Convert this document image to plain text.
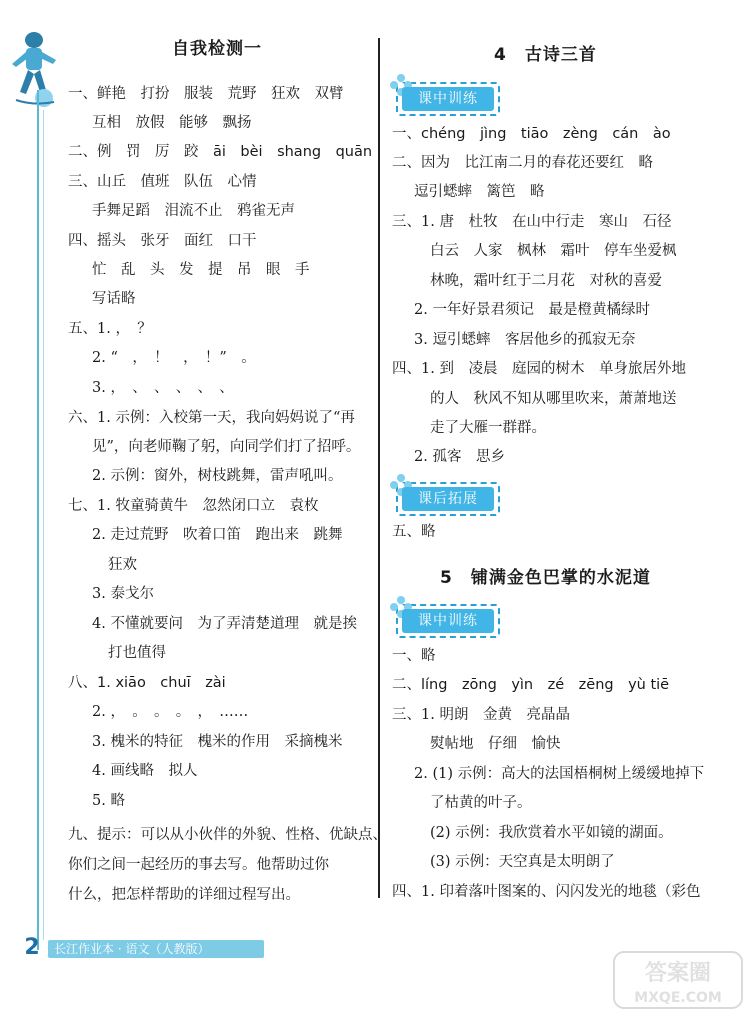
自我检测一
一、鲜艳　打扮　服装　荒野　狂欢　双臂
互相　放假　能够　飘扬
二、例　罚　厉　跤　āi　bèi　shang　quān
三、山丘　值班　队伍　心情
手舞足蹈　泪流不止　鸦雀无声
四、摇头　张牙　面红　口干
忙　乱　头　发　提　吊　眼　手
写话略
五、1. ，　？
2. “　，　！　，　！”　。
3. ，　、　、　、　、　、
六、1. 示例：入校第一天，我向妈妈说了“再
见”，向老师鞠了躬，向同学们打了招呼。
2. 示例：窗外，树枝跳舞，雷声吼叫。
七、1. 牧童骑黄牛　忽然闭口立　袁枚
2. 走过荒野　吹着口笛　跑出来　跳舞
狂欢
3. 泰戈尔
4. 不懂就要问　为了弄清楚道理　就是挨
打也值得
八、1. xiāo　chuī　zài
2. ，　。　。　。　，　……
3. 槐米的特征　槐米的作用　采摘槐米
4. 画线略　拟人
5. 略
九、提示：可以从小伙伴的外貌、性格、优缺点、
你们之间一起经历的事去写。他帮助过你
什么，把怎样帮助的详细过程写出。
4　古诗三首
课中训练
一、chéng　jìng　tiāo　zèng　cán　ào
二、因为　比江南二月的春花还要红　略
逗引蟋蟀　篱笆　略
三、1. 唐　杜牧　在山中行走　寒山　石径
白云　人家　枫林　霜叶　停车坐爱枫
林晚，霜叶红于二月花　对秋的喜爱
2. 一年好景君须记　最是橙黄橘绿时
3. 逗引蟋蟀　客居他乡的孤寂无奈
四、1. 到　凌晨　庭园的树木　单身旅居外地
的人　秋风不知从哪里吹来，萧萧地送
走了大雁一群群。
2. 孤客　思乡
课后拓展
五、略
5　铺满金色巴掌的水泥道
课中训练
一、略
二、líng　zōng　yìn　zé　zēng　yù tiē
三、1. 明朗　金黄　亮晶晶
熨帖地　仔细　愉快
2. (1) 示例：高大的法国梧桐树上缓缓地掉下
了枯黄的叶子。
(2) 示例：我欣赏着水平如镜的湖面。
(3) 示例：天空真是太明朗了
四、1. 印着落叶图案的、闪闪发光的地毯（彩色
2	长江作业本 · 语文（人教版）
答案圈
MXQE.COM
